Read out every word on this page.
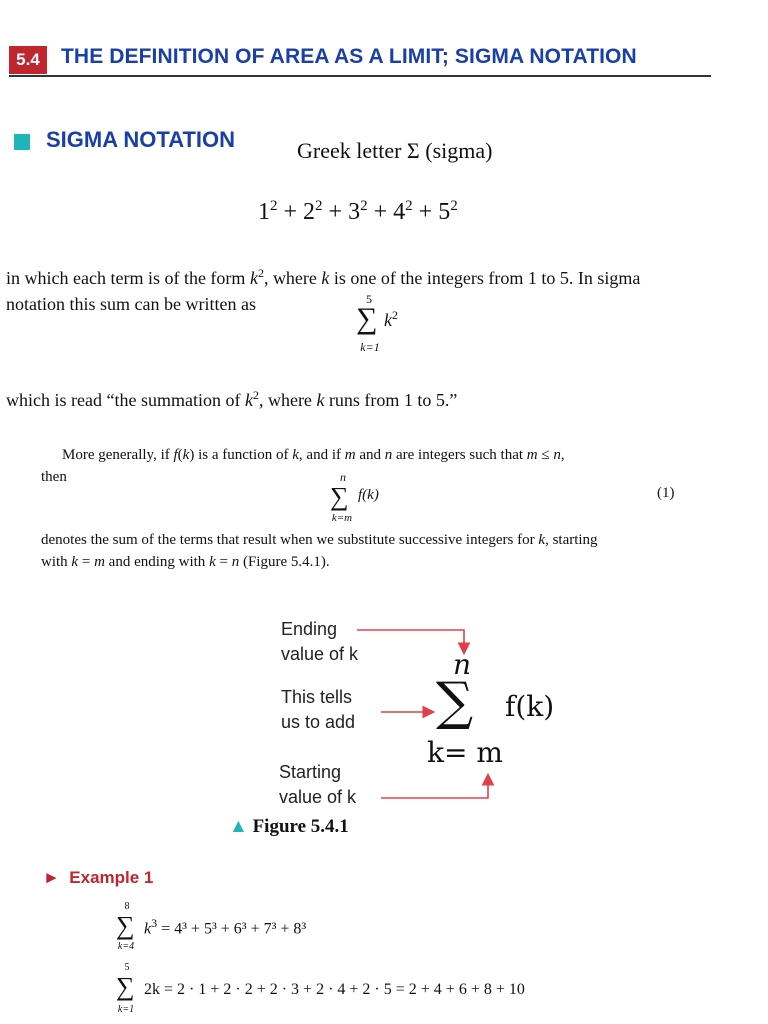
5.4	THE DEFINITION OF AREA AS A LIMIT; SIGMA NOTATION
SIGMA NOTATION	Greek letter Σ (sigma)
$1^2 + 2^2 + 3^2 + 4^2 + 5^2$
in which each term is of the form $k^2$, where k is one of the integers from 1 to 5. In sigma
notation this sum can be written as	5
∑ $k^2$
k=1
which is read “the summation of $k^2$, where k runs from 1 to 5.”
More generally, if f(k) is a function of k, and if m and n are integers such that m ≤ n,
then	n
∑ f(k)
k=m
(1)
denotes the sum of the terms that result when we substitute successive integers for k, starting
with k = m and ending with k = n (Figure 5.4.1).
Ending
value of k
This tells
us to add
Starting
value of k
n
∑ f(k)
k= m
▲ Figure 5.4.1
► Example 1
8
∑ $k^3 = 4^3 + 5^3 + 6^3 + 7^3 + 8^3$
k=4
5
∑ 2k = 2 · 1 + 2 · 2 + 2 · 3 + 2 · 4 + 2 · 5 = 2 + 4 + 6 + 8 + 10
k=1
